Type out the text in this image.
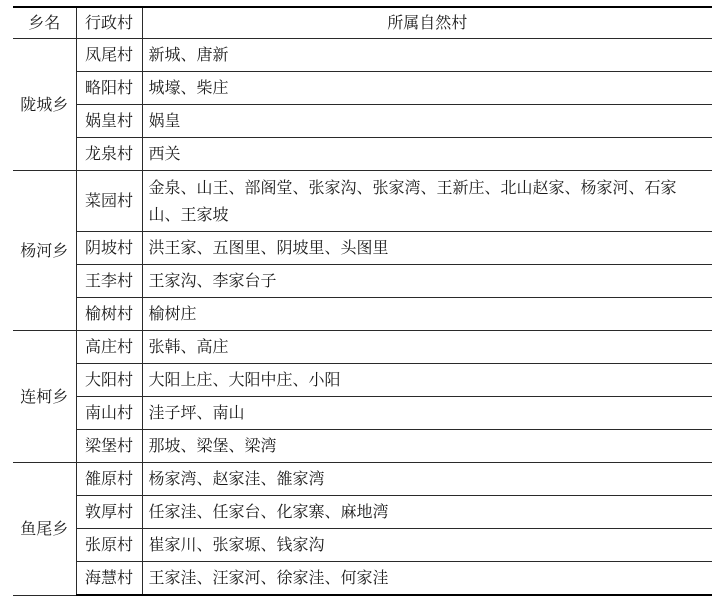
乡名	行政村	所属自然村
陇城乡	凤尾村	新城、唐新
	略阳村	城壕、柴庄
	娲皇村	娲皇
	龙泉村	西关
杨河乡	菜园村	金泉、山王、部阁堂、张家沟、张家湾、王新庄、北山赵家、杨家河、石家山、王家坡
	阴坡村	洪王家、五图里、阴坡里、头图里
	王李村	王家沟、李家台子
	榆树村	榆树庄
连柯乡	高庄村	张韩、高庄
	大阳村	大阳上庄、大阳中庄、小阳
	南山村	洼子坪、南山
	梁堡村	那坡、梁堡、梁湾
鱼尾乡	雒原村	杨家湾、赵家洼、雒家湾
	敦厚村	任家洼、任家台、化家寨、麻地湾
	张原村	崔家川、张家塬、钱家沟
	海慧村	王家洼、汪家河、徐家洼、何家洼
